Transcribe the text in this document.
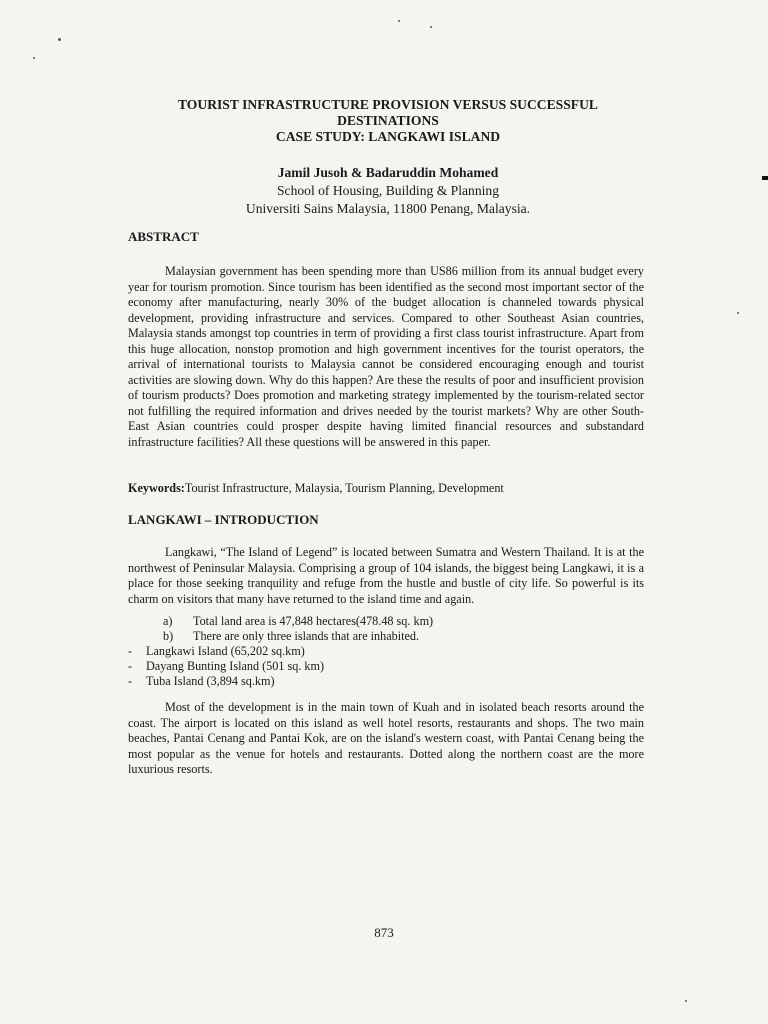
TOURIST INFRASTRUCTURE PROVISION VERSUS SUCCESSFUL
DESTINATIONS
CASE STUDY: LANGKAWI ISLAND
Jamil Jusoh & Badaruddin Mohamed
School of Housing, Building & Planning
Universiti Sains Malaysia, 11800 Penang, Malaysia.
ABSTRACT
Malaysian government has been spending more than US86 million from its annual budget every year for tourism promotion. Since tourism has been identified as the second most important sector of the economy after manufacturing, nearly 30% of the budget allocation is channeled towards physical development, providing infrastructure and services. Compared to other Southeast Asian countries, Malaysia stands amongst top countries in term of providing a first class tourist infrastructure. Apart from this huge allocation, nonstop promotion and high government incentives for the tourist operators, the arrival of international tourists to Malaysia cannot be considered encouraging enough and tourist activities are slowing down. Why do this happen? Are these the results of poor and insufficient provision of tourism products? Does promotion and marketing strategy implemented by the tourism-related sector not fulfilling the required information and drives needed by the tourist markets? Why are other South-East Asian countries could prosper despite having limited financial resources and substandard infrastructure facilities? All these questions will be answered in this paper.
Keywords:Tourist Infrastructure, Malaysia, Tourism Planning, Development
LANGKAWI – INTRODUCTION
Langkawi, “The Island of Legend” is located between Sumatra and Western Thailand. It is at the northwest of Peninsular Malaysia. Comprising a group of 104 islands, the biggest being Langkawi, it is a place for those seeking tranquility and refuge from the hustle and bustle of city life. So powerful is its charm on visitors that many have returned to the island time and again.
a) Total land area is 47,848 hectares(478.48 sq. km)
b) There are only three islands that are inhabited.
- Langkawi Island (65,202 sq.km)
- Dayang Bunting Island (501 sq. km)
- Tuba Island (3,894 sq.km)
Most of the development is in the main town of Kuah and in isolated beach resorts around the coast. The airport is located on this island as well hotel resorts, restaurants and shops. The two main beaches, Pantai Cenang and Pantai Kok, are on the island's western coast, with Pantai Cenang being the most popular as the venue for hotels and restaurants. Dotted along the northern coast are the more luxurious resorts.
873
